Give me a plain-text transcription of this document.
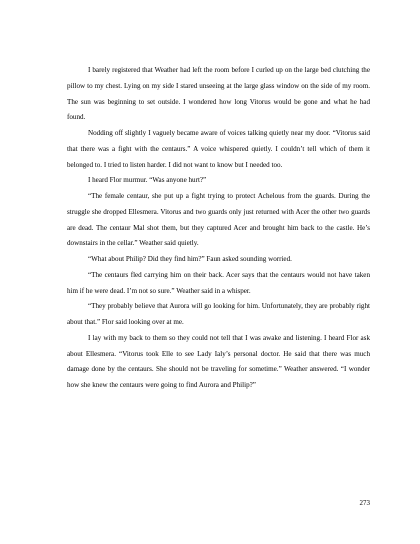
I barely registered that Weather had left the room before I curled up on the large bed clutching the pillow to my chest. Lying on my side I stared unseeing at the large glass window on the side of my room. The sun was beginning to set outside. I wondered how long Vitorus would be gone and what he had found.

Nodding off slightly I vaguely became aware of voices talking quietly near my door. “Vitorus said that there was a fight with the centaurs.” A voice whispered quietly. I couldn’t tell which of them it belonged to. I tried to listen harder. I did not want to know but I needed too.

I heard Flor murmur. “Was anyone hurt?”

“The female centaur, she put up a fight trying to protect Achelous from the guards. During the struggle she dropped Ellesmera. Vitorus and two guards only just returned with Acer the other two guards are dead. The centaur Mal shot them, but they captured Acer and brought him back to the castle. He’s downstairs in the cellar.” Weather said quietly.

“What about Philip? Did they find him?” Faun asked sounding worried.

“The centaurs fled carrying him on their back. Acer says that the centaurs would not have taken him if he were dead. I’m not so sure.” Weather said in a whisper.

“They probably believe that Aurora will go looking for him. Unfortunately, they are probably right about that.” Flor said looking over at me.

I lay with my back to them so they could not tell that I was awake and listening. I heard Flor ask about Ellesmera. “Vitorus took Elle to see Lady Ialy’s personal doctor. He said that there was much damage done by the centaurs. She should not be traveling for sometime.” Weather answered. “I wonder how she knew the centaurs were going to find Aurora and Philip?”

273
